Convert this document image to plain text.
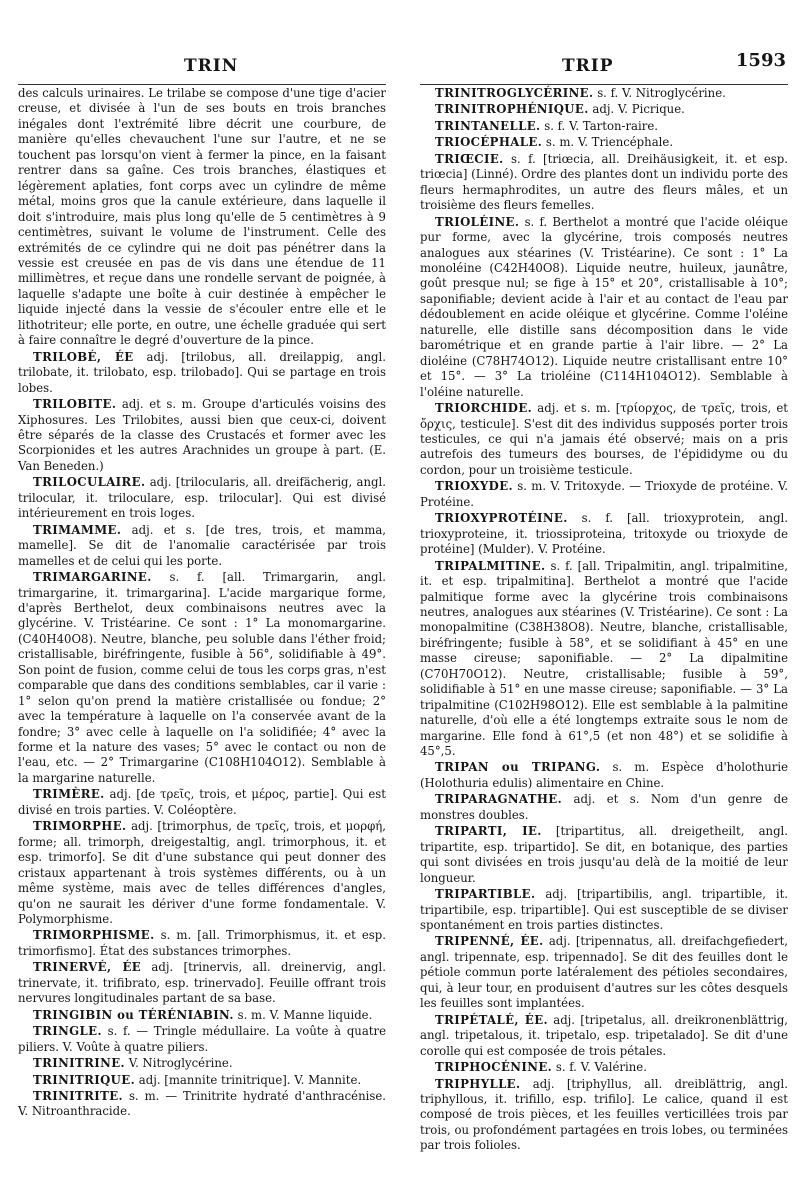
TRIN	TRIP	1593

des calculs urinaires. Le trilabe se compose d'une tige d'acier creuse, et divisée à l'un de ses bouts en trois branches inégales dont l'extrémité libre décrit une courbure, de manière qu'elles chevauchent l'une sur l'autre, et ne se touchent pas lorsqu'on vient à fermer la pince, en la faisant rentrer dans sa gaîne. Ces trois branches, élastiques et légèrement aplaties, font corps avec un cylindre de même métal, moins gros que la canule extérieure, dans laquelle il doit s'introduire, mais plus long qu'elle de 5 centimètres à 9 centimètres, suivant le volume de l'instrument. Celle des extrémités de ce cylindre qui ne doit pas pénétrer dans la vessie est creusée en pas de vis dans une étendue de 11 millimètres, et reçue dans une rondelle servant de poignée, à laquelle s'adapte une boîte à cuir destinée à empêcher le liquide injecté dans la vessie de s'écouler entre elle et le lithotriteur; elle porte, en outre, une échelle graduée qui sert à faire connaître le degré d'ouverture de la pince.

TRILOBÉ, ÉE adj. [trilobus, all. dreilappig, angl. trilobate, it. trilobato, esp. trilobado]. Qui se partage en trois lobes.

TRILOBITE. adj. et s. m. Groupe d'articulés voisins des Xiphosures. Les Trilobites, aussi bien que ceux-ci, doivent être séparés de la classe des Crustacés et former avec les Scorpionides et les autres Arachnides un groupe à part. (E. Van Beneden.)

TRILOCULAIRE. adj. [trilocularis, all. dreifächerig, angl. trilocular, it. triloculare, esp. trilocular]. Qui est divisé intérieurement en trois loges.

TRIMAMME. adj. et s. [de tres, trois, et mamma, mamelle]. Se dit de l'anomalie caractérisée par trois mamelles et de celui qui les porte.

TRIMARGARINE. s. f. [all. Trimargarin, angl. trimargarine, it. trimargarina]. L'acide margarique forme, d'après Berthelot, deux combinaisons neutres avec la glycérine. V. Tristéarine. Ce sont : 1° La monomargarine. (C40H40O8). Neutre, blanche, peu soluble dans l'éther froid; cristallisable, biréfringente, fusible à 56°, solidifiable à 49°. Son point de fusion, comme celui de tous les corps gras, n'est comparable que dans des conditions semblables, car il varie : 1° selon qu'on prend la matière cristallisée ou fondue; 2° avec la température à laquelle on l'a conservée avant de la fondre; 3° avec celle à laquelle on l'a solidifiée; 4° avec la forme et la nature des vases; 5° avec le contact ou non de l'eau, etc. — 2° Trimargarine (C108H104O12). Semblable à la margarine naturelle.

TRIMÈRE. adj. [de τρεῖς, trois, et μέρος, partie]. Qui est divisé en trois parties. V. Coléoptère.

TRIMORPHE. adj. [trimorphus, de τρεῖς, trois, et μορφή, forme; all. trimorph, dreigestaltig, angl. trimorphous, it. et esp. trimorfo]. Se dit d'une substance qui peut donner des cristaux appartenant à trois systèmes différents, ou à un même système, mais avec de telles différences d'angles, qu'on ne saurait les dériver d'une forme fondamentale. V. Polymorphisme.

TRIMORPHISME. s. m. [all. Trimorphismus, it. et esp. trimorfismo]. État des substances trimorphes.

TRINERVÉ, ÉE adj. [trinervis, all. dreinervig, angl. trinervate, it. trifibrato, esp. trinervado]. Feuille offrant trois nervures longitudinales partant de sa base.

TRINGIBIN ou TÉRÉNIABIN. s. m. V. Manne liquide.

TRINGLE. s. f. — Tringle médullaire. La voûte à quatre piliers. V. Voûte à quatre piliers.

TRINITRINE. V. Nitroglycérine.

TRINITRIQUE. adj. [mannite trinitrique]. V. Mannite.

TRINITRITE. s. m. — Trinitrite hydraté d'anthracénise. V. Nitroanthracide.

TRINITROGLYCÉRINE. s. f. V. Nitroglycérine.

TRINITROPHÉNIQUE. adj. V. Picrique.

TRINTANELLE. s. f. V. Tarton-raire.

TRIOCÉPHALE. s. m. V. Triencéphale.

TRIŒCIE. s. f. [triœcia, all. Dreihäusigkeit, it. et esp. triœcia] (Linné). Ordre des plantes dont un individu porte des fleurs hermaphrodites, un autre des fleurs mâles, et un troisième des fleurs femelles.

TRIOLÉINE. s. f. Berthelot a montré que l'acide oléique pur forme, avec la glycérine, trois composés neutres analogues aux stéarines (V. Tristéarine). Ce sont : 1° La monoléine (C42H40O8). Liquide neutre, huileux, jaunâtre, goût presque nul; se fige à 15° et 20°, cristallisable à 10°; saponifiable; devient acide à l'air et au contact de l'eau par dédoublement en acide oléique et glycérine. Comme l'oléine naturelle, elle distille sans décomposition dans le vide barométrique et en grande partie à l'air libre. — 2° La dioléine (C78H74O12). Liquide neutre cristallisant entre 10° et 15°. — 3° La trioléine (C114H104O12). Semblable à l'oléine naturelle.

TRIORCHIDE. adj. et s. m. [τρίορχος, de τρεῖς, trois, et ὄρχις, testicule]. S'est dit des individus supposés porter trois testicules, ce qui n'a jamais été observé; mais on a pris autrefois des tumeurs des bourses, de l'épididyme ou du cordon, pour un troisième testicule.

TRIOXYDE. s. m. V. Tritoxyde. — Trioxyde de protéine. V. Protéine.

TRIOXYPROTÉINE. s. f. [all. trioxyprotein, angl. trioxyproteine, it. triossiproteina, tritoxyde ou trioxyde de protéine] (Mulder). V. Protéine.

TRIPALMITINE. s. f. [all. Tripalmitin, angl. tripalmitine, it. et esp. tripalmitina]. Berthelot a montré que l'acide palmitique forme avec la glycérine trois combinaisons neutres, analogues aux stéarines (V. Tristéarine). Ce sont : La monopalmitine (C38H38O8). Neutre, blanche, cristallisable, biréfringente; fusible à 58°, et se solidifiant à 45° en une masse cireuse; saponifiable. — 2° La dipalmitine (C70H70O12). Neutre, cristallisable; fusible à 59°, solidifiable à 51° en une masse cireuse; saponifiable. — 3° La tripalmitine (C102H98O12). Elle est semblable à la palmitine naturelle, d'où elle a été longtemps extraite sous le nom de margarine. Elle fond à 61°,5 (et non 48°) et se solidifie à 45°,5.

TRIPAN ou TRIPANG. s. m. Espèce d'holothurie (Holothuria edulis) alimentaire en Chine.

TRIPARAGNATHE. adj. et s. Nom d'un genre de monstres doubles.

TRIPARTI, IE. [tripartitus, all. dreigetheilt, angl. tripartite, esp. tripartido]. Se dit, en botanique, des parties qui sont divisées en trois jusqu'au delà de la moitié de leur longueur.

TRIPARTIBLE. adj. [tripartibilis, angl. tripartible, it. tripartibile, esp. tripartible]. Qui est susceptible de se diviser spontanément en trois parties distinctes.

TRIPENNÉ, ÉE. adj. [tripennatus, all. dreifachgefiedert, angl. tripennate, esp. tripennado]. Se dit des feuilles dont le pétiole commun porte latéralement des pétioles secondaires, qui, à leur tour, en produisent d'autres sur les côtes desquels les feuilles sont implantées.

TRIPÉTALÉ, ÉE. adj. [tripetalus, all. dreikronenblättrig, angl. tripetalous, it. tripetalo, esp. tripetalado]. Se dit d'une corolle qui est composée de trois pétales.

TRIPHOCÉNINE. s. f. V. Valérine.

TRIPHYLLE. adj. [triphyllus, all. dreiblättrig, angl. triphyllous, it. trifillo, esp. trifilo]. Le calice, quand il est composé de trois pièces, et les feuilles verticillées trois par trois, ou profondément partagées en trois lobes, ou terminées par trois folioles.
